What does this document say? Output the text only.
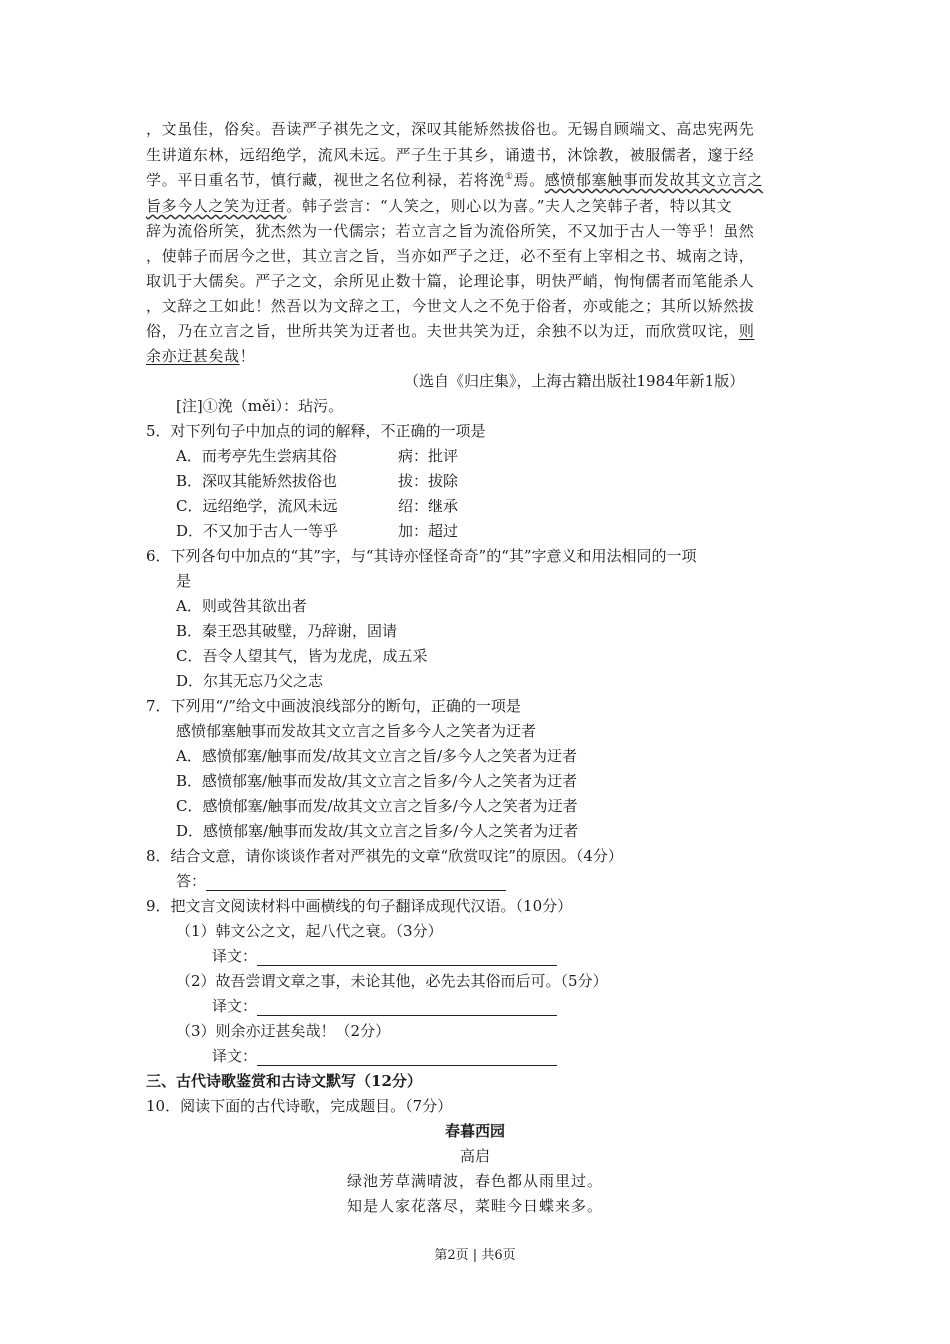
，文虽佳，俗矣。吾读严子祺先之文，深叹其能矫然拔俗也。无锡自顾端文、高忠宪两先
生讲道东林，远绍绝学，流风未远。严子生于其乡，诵遗书，沐馀教，被服儒者，邃于经
学。平日重名节，慎行藏，视世之名位利禄，若将浼①焉。感愤郁塞触事而发故其文立言之
旨多今人之笑为迂者。韩子尝言：“人笑之，则心以为喜。”夫人之笑韩子者，特以其文
辞为流俗所笑，犹杰然为一代儒宗；若立言之旨为流俗所笑，不又加于古人一等乎！虽然
，使韩子而居今之世，其立言之旨，当亦如严子之迂，必不至有上宰相之书、城南之诗，
取讥于大儒矣。严子之文，余所见止数十篇，论理论事，明快严峭，恂恂儒者而笔能杀人
，文辞之工如此！然吾以为文辞之工，今世文人之不免于俗者，亦或能之；其所以矫然拔
俗，乃在立言之旨，世所共笑为迂者也。夫世共笑为迂，余独不以为迂，而欣赏叹诧，则
余亦迂甚矣哉！
（选自《归庄集》，上海古籍出版社1984年新1版）
[注]①浼（měi）：玷污。
5．对下列句子中加点的词的解释，不正确的一项是
A．而考亭先生尝病其俗	病：批评
B．深叹其能矫然拔俗也	拔：拔除
C．远绍绝学，流风未远	绍：继承
D．不又加于古人一等乎	加：超过
6．下列各句中加点的“其”字，与“其诗亦怪怪奇奇”的“其”字意义和用法相同的一项
是
A．则或咎其欲出者
B．秦王恐其破璧，乃辞谢，固请
C．吾令人望其气，皆为龙虎，成五采
D．尔其无忘乃父之志
7．下列用“/”给文中画波浪线部分的断句，正确的一项是
感愤郁塞触事而发故其文立言之旨多今人之笑者为迂者
A．感愤郁塞/触事而发/故其文立言之旨/多今人之笑者为迂者
B．感愤郁塞/触事而发故/其文立言之旨多/今人之笑者为迂者
C．感愤郁塞/触事而发/故其文立言之旨多/今人之笑者为迂者
D．感愤郁塞/触事而发故/其文立言之旨多/今人之笑者为迂者
8．结合文意，请你谈谈作者对严祺先的文章“欣赏叹诧”的原因。（4分）
答：
9．把文言文阅读材料中画横线的句子翻译成现代汉语。（10分）
（1）韩文公之文，起八代之衰。（3分）
译文：
（2）故吾尝谓文章之事，未论其他，必先去其俗而后可。（5分）
译文：
（3）则余亦迂甚矣哉！（2分）
译文：
三、古代诗歌鉴赏和古诗文默写（12分）
10．阅读下面的古代诗歌，完成题目。（7分）
春暮西园
高启
绿池芳草满晴波，春色都从雨里过。
知是人家花落尽，菜畦今日蝶来多。
第2页 | 共6页
